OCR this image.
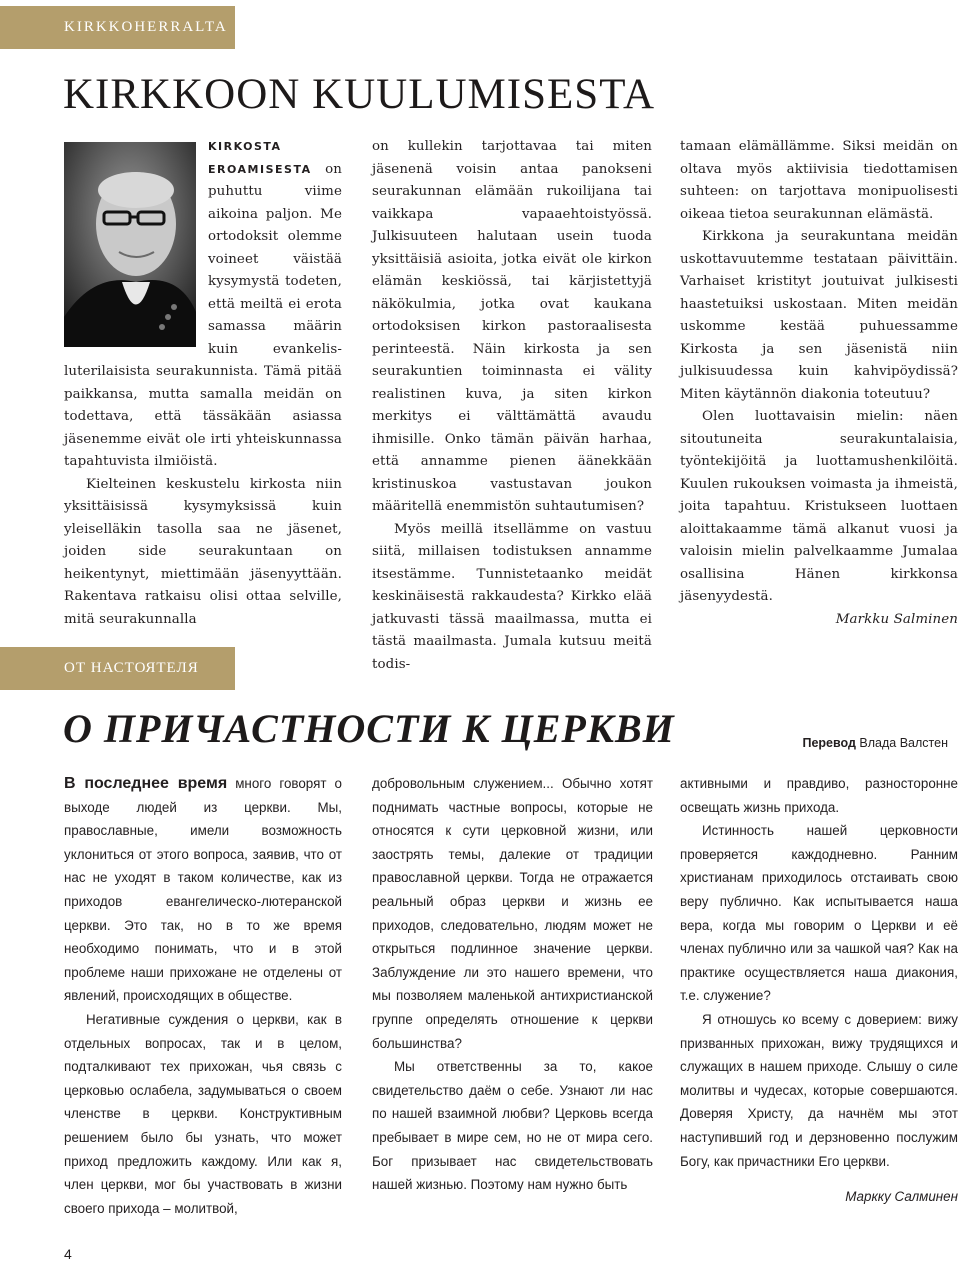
KIRKKOHERRALTA
KIRKKOON KUULUMISESTA

KIRKOSTA EROAMISESTA on puhuttu viime aikoina paljon. Me ortodoksit olemme voineet väistää kysymystä todeten, että meiltä ei erota samassa määrin kuin evankelis-luterilaisista seurakunnista. Tämä pitää paikkansa, mutta samalla meidän on todettava, että tässäkään asiassa jäsenemme eivät ole irti yhteiskunnassa tapahtuvista ilmiöistä.

Kielteinen keskustelu kirkosta niin yksittäisissä kysymyksissä kuin yleiselläkin tasolla saa ne jäsenet, joiden side seurakuntaan on heikentynyt, miettimään jäsenyyttään. Rakentava ratkaisu olisi ottaa selville, mitä seurakunnalla

on kullekin tarjottavaa tai miten jäsenenä voisin antaa panokseni seurakunnan elämään rukoilijana tai vaikkapa vapaaehtoistyössä. Julkisuuteen halutaan usein tuoda yksittäisiä asioita, jotka eivät ole kirkon elämän keskiössä, tai kärjistettyjä näkökulmia, jotka ovat kaukana ortodoksisen kirkon pastoraalisesta perinteestä. Näin kirkosta ja sen seurakuntien toiminnasta ei välity realistinen kuva, ja siten kirkon merkitys ei välttämättä avaudu ihmisille. Onko tämän päivän harhaa, että annamme pienen äänekkään kristinuskoa vastustavan joukon määritellä enemmistön suhtautumisen?

Myös meillä itsellämme on vastuu siitä, millaisen todistuksen annamme itsestämme. Tunnistetaanko meidät keskinäisestä rakkaudesta? Kirkko elää jatkuvasti tässä maailmassa, mutta ei tästä maailmasta. Jumala kutsuu meitä todis-

tamaan elämällämme. Siksi meidän on oltava myös aktiivisia tiedottamisen suhteen: on tarjottava monipuolisesti oikeaa tietoa seurakunnan elämästä.

Kirkkona ja seurakuntana meidän uskottavuutemme testataan päivittäin. Varhaiset kristityt joutuivat julkisesti haastetuiksi uskostaan. Miten meidän uskomme kestää puhuessamme Kirkosta ja sen jäsenistä niin julkisuudessa kuin kahvipöydissä? Miten käytännön diakonia toteutuu?

Olen luottavaisin mielin: näen sitoutuneita seurakuntalaisia, työntekijöitä ja luottamushenkilöitä. Kuulen rukouksen voimasta ja ihmeistä, joita tapahtuu. Kristukseen luottaen aloittakaamme tämä alkanut vuosi ja valoisin mielin palvelkaamme Jumalaa osallisina Hänen kirkkonsa jäsenyydestä.

Markku Salminen

ОТ НАСТОЯТЕЛЯ
О ПРИЧАСТНОСТИ К ЦЕРКВИ	Перевод Влада Валстен

В последнее время много говорят о выходе людей из церкви. Мы, православные, имели возможность уклониться от этого вопроса, заявив, что от нас не уходят в таком количестве, как из приходов евангелическо-лютеранской церкви. Это так, но в то же время необходимо понимать, что и в этой проблеме наши прихожане не отделены от явлений, происходящих в обществе.

Негативные суждения о церкви, как в отдельных вопросах, так и в целом, подталкивают тех прихожан, чья связь с церковью ослабела, задумываться о своем членстве в церкви. Конструктивным решением было бы узнать, что может приход предложить каждому. Или как я, член церкви, мог бы участвовать в жизни своего прихода – молитвой,

добровольным служением... Обычно хотят поднимать частные вопросы, которые не относятся к сути церковной жизни, или заострять темы, далекие от традиции православной церкви. Тогда не отражается реальный образ церкви и жизнь ее приходов, следовательно, людям может не открыться подлинное значение церкви. Заблуждение ли это нашего времени, что мы позволяем маленькой антихристианской группе определять отношение к церкви большинства?

Мы ответственны за то, какое свидетельство даём о себе. Узнают ли нас по нашей взаимной любви? Церковь всегда пребывает в мире сем, но не от мира сего. Бог призывает нас свидетельствовать нашей жизнью. Поэтому нам нужно быть

активными и правдиво, разносторонне освещать жизнь прихода.

Истинность нашей церковности проверяется каждодневно. Ранним христианам приходилось отстаивать свою веру публично. Как испытывается наша вера, когда мы говорим о Церкви и её членах публично или за чашкой чая? Как на практике осуществляется наша диакония, т.е. служение?

Я отношусь ко всему с доверием: вижу призванных прихожан, вижу трудящихся и служащих в нашем приходе. Слышу о силе молитвы и чудесах, которые совершаются. Доверяя Христу, да начнём мы этот наступивший год и дерзновенно послужим Богу, как причастники Его церкви.

Маркку Салминен

4
